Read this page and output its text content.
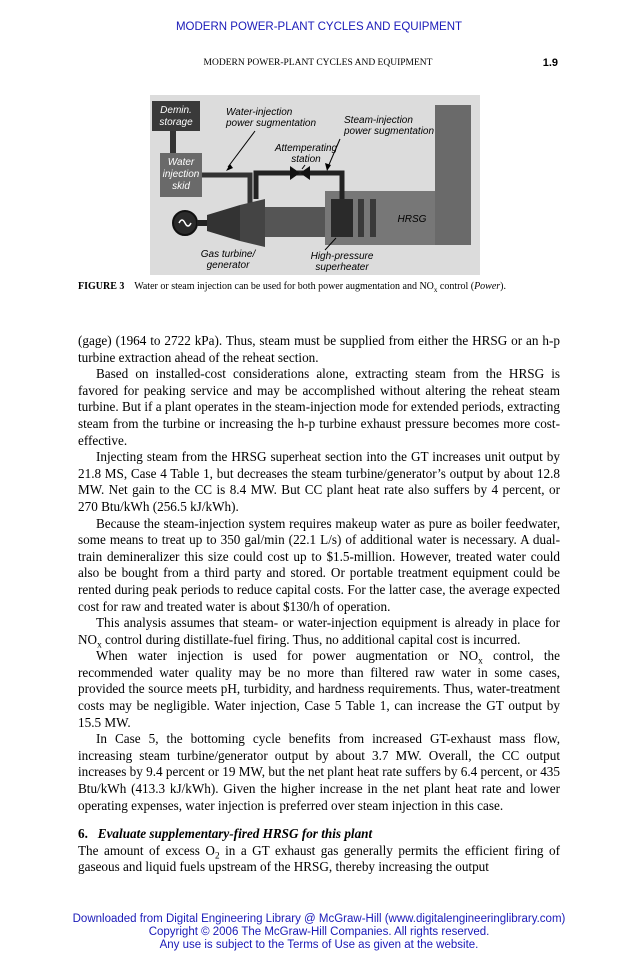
MODERN POWER-PLANT CYCLES AND EQUIPMENT
MODERN POWER-PLANT CYCLES AND EQUIPMENT	1.9
Demin.
storage
Water
injection
skid
HRSG
Water-injection
power sugmentation	Steam-injection
power sugmentation
Attemperating
station
Gas turbine/
generator
High-pressure
superheater
FIGURE 3 Water or steam injection can be used for both power augmentation and $NO_x$ control (Power).

(gage) (1964 to 2722 kPa). Thus, steam must be supplied from either the HRSG or an h-p turbine extraction ahead of the reheat section.

Based on installed-cost considerations alone, extracting steam from the HRSG is favored for peaking service and may be accomplished without altering the reheat steam turbine. But if a plant operates in the steam-injection mode for extended periods, extracting steam from the turbine or increasing the h-p turbine exhaust pressure becomes more cost-effective.

Injecting steam from the HRSG superheat section into the GT increases unit output by 21.8 MS, Case 4 Table 1, but decreases the steam turbine/generator’s output by about 12.8 MW. Net gain to the CC is 8.4 MW. But CC plant heat rate also suffers by 4 percent, or 270 Btu/kWh (256.5 kJ/kWh).

Because the steam-injection system requires makeup water as pure as boiler feedwater, some means to treat up to 350 gal/min (22.1 L/s) of additional water is necessary. A dual-train demineralizer this size could cost up to $1.5-million. However, treated water could also be bought from a third party and stored. Or portable treatment equipment could be rented during peak periods to reduce capital costs. For the latter case, the average expected cost for raw and treated water is about $130/h of operation.

This analysis assumes that steam- or water-injection equipment is already in place for $NO_x$ control during distillate-fuel firing. Thus, no additional capital cost is incurred.

When water injection is used for power augmentation or $NO_x$ control, the recommended water quality may be no more than filtered raw water in some cases, provided the source meets pH, turbidity, and hardness requirements. Thus, water-treatment costs may be negligible. Water injection, Case 5 Table 1, can increase the GT output by 15.5 MW.

In Case 5, the bottoming cycle benefits from increased GT-exhaust mass flow, increasing steam turbine/generator output by about 3.7 MW. Overall, the CC output increases by 9.4 percent or 19 MW, but the net plant heat rate suffers by 6.4 percent, or 435 Btu/kWh (413.3 kJ/kWh). Given the higher increase in the net plant heat rate and lower operating expenses, water injection is preferred over steam injection in this case.

6. Evaluate supplementary-fired HRSG for this plant

The amount of excess $O_2$ in a GT exhaust gas generally permits the efficient firing of gaseous and liquid fuels upstream of the HRSG, thereby increasing the output

Downloaded from Digital Engineering Library @ McGraw-Hill (www.digitalengineeringlibrary.com)
Copyright © 2006 The McGraw-Hill Companies. All rights reserved.
Any use is subject to the Terms of Use as given at the website.
